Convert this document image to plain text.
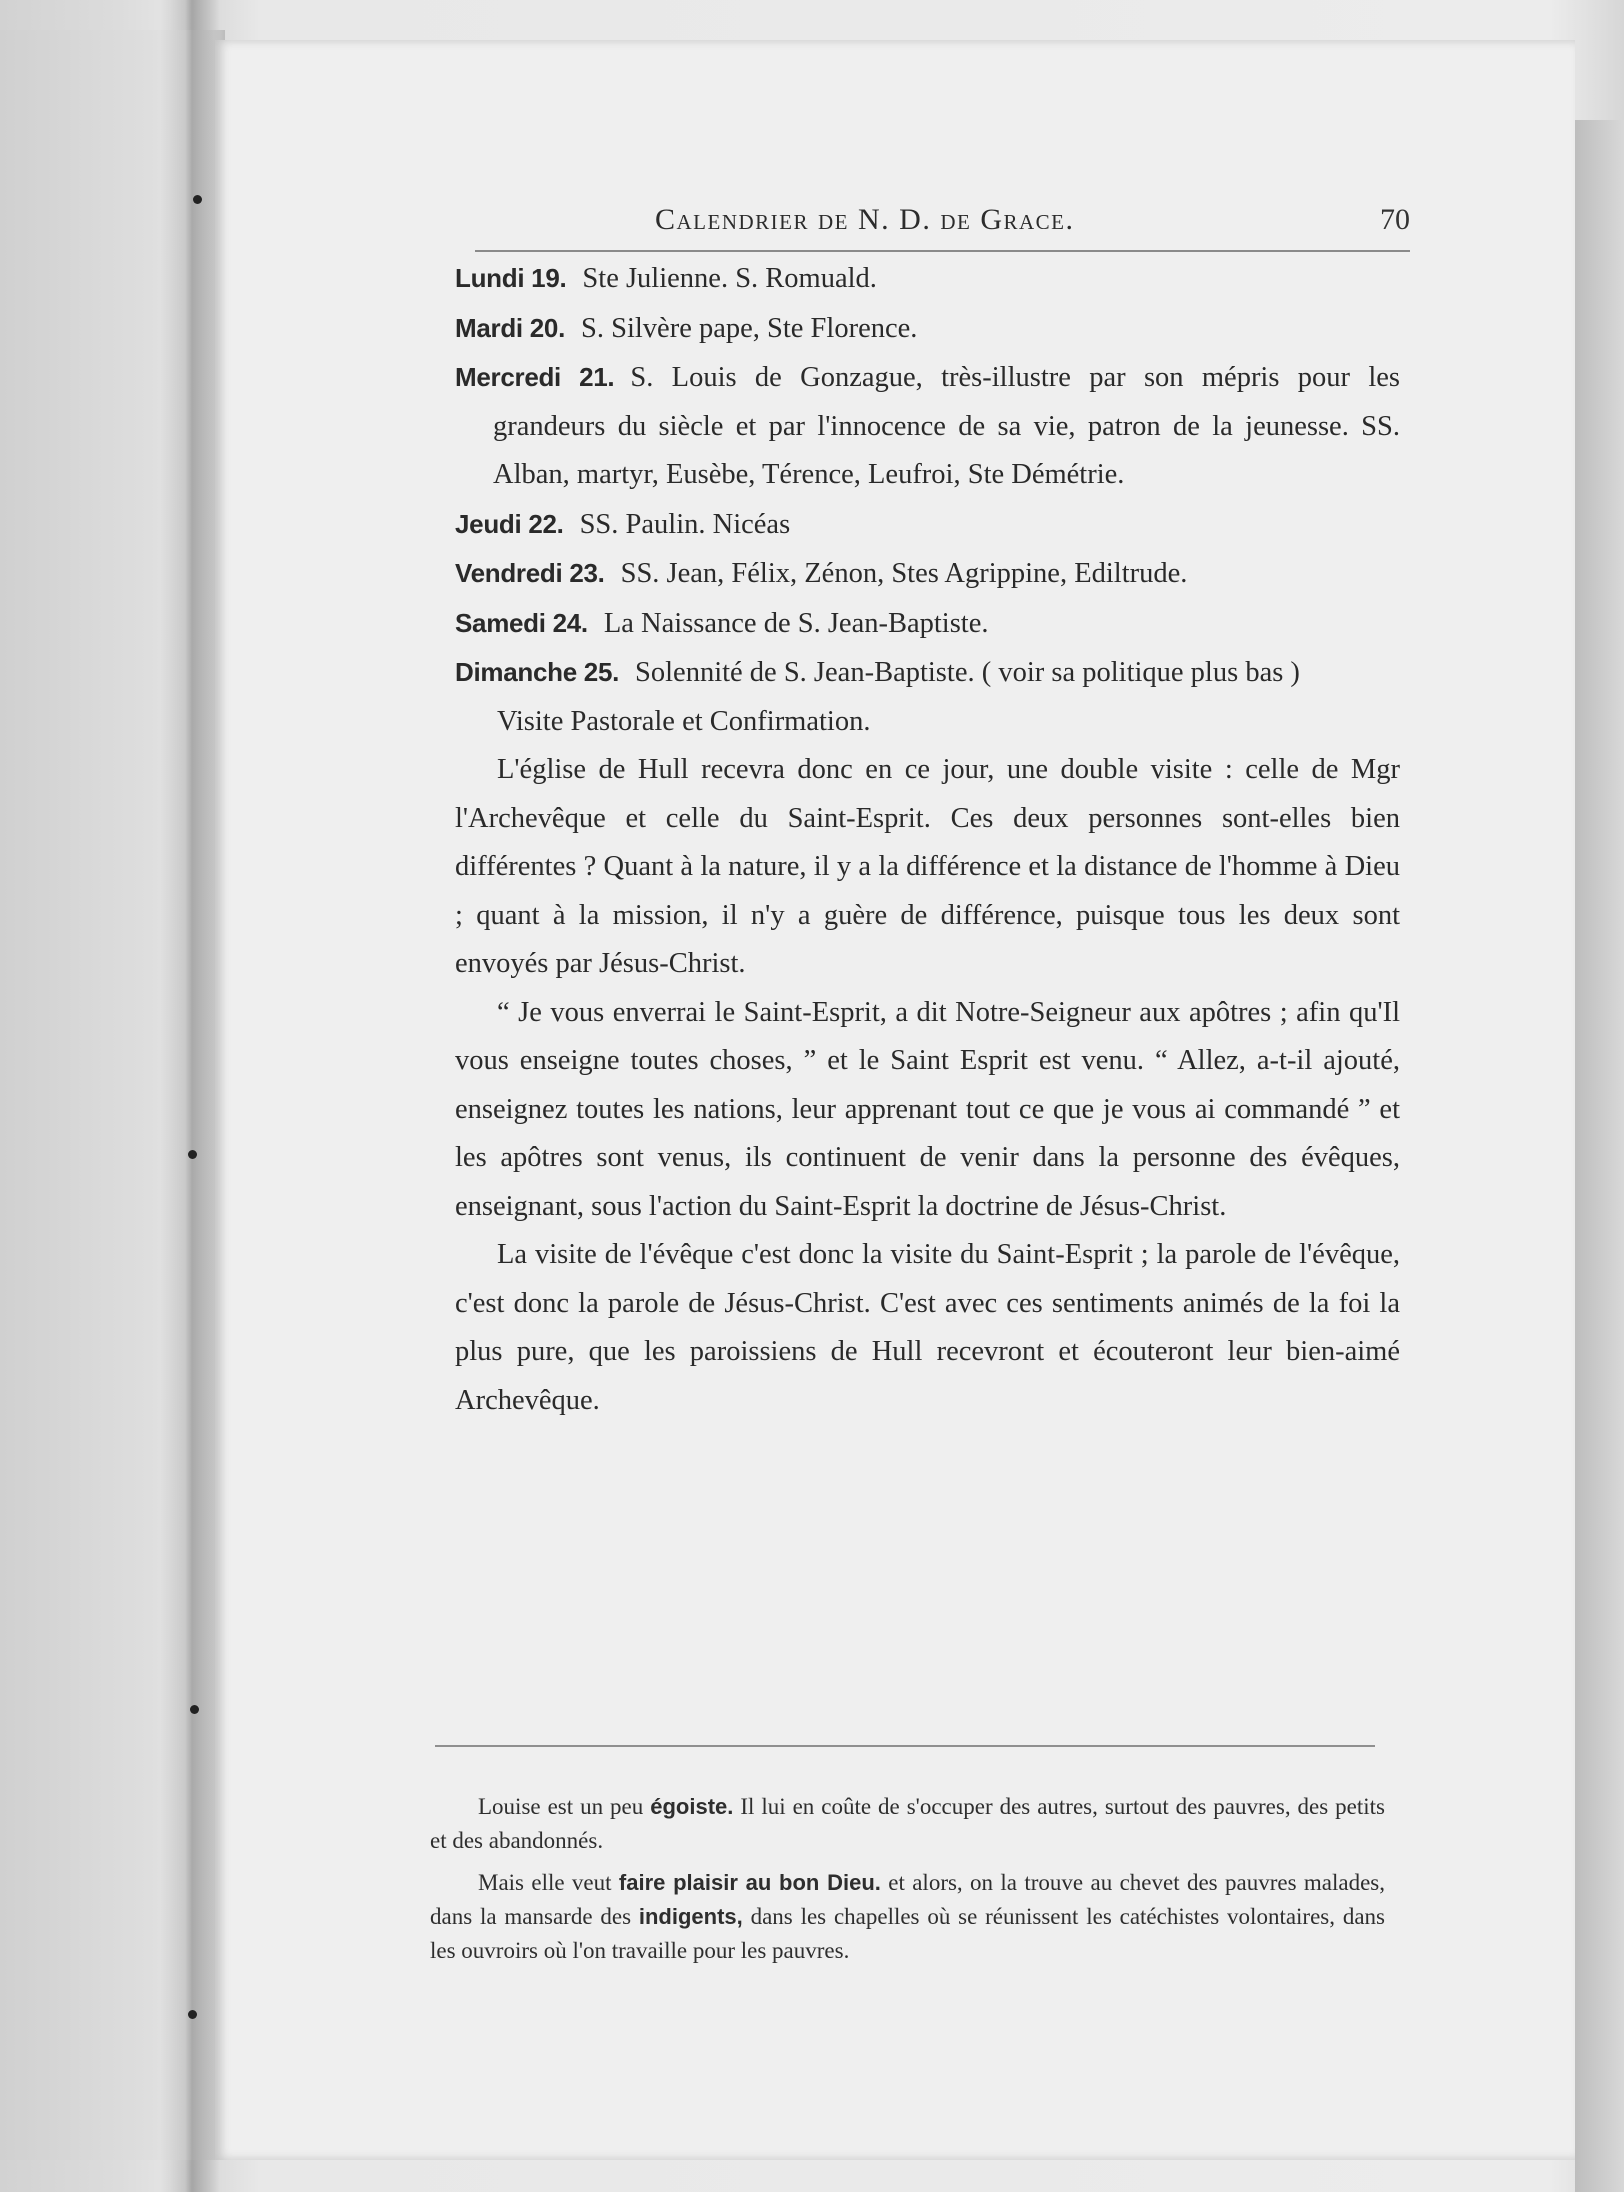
Calendrier de N. D. de Grace.	70

Lundi 19. Ste Julienne. S. Romuald.

Mardi 20. S. Silvère pape, Ste Florence.

Mercredi 21. S. Louis de Gonzague, très-illustre par son mépris pour les grandeurs du siècle et par l'innocence de sa vie, patron de la jeunesse. SS. Alban, martyr, Eusèbe, Térence, Leufroi, Ste Démétrie.

Jeudi 22. SS. Paulin. Nicéas

Vendredi 23. SS. Jean, Félix, Zénon, Stes Agrippine, Ediltrude.

Samedi 24. La Naissance de S. Jean-Baptiste.

Dimanche 25. Solennité de S. Jean-Baptiste. ( voir sa politique plus bas )

Visite Pastorale et Confirmation.

L'église de Hull recevra donc en ce jour, une double visite : celle de Mgr l'Archevêque et celle du Saint-Esprit. Ces deux personnes sont-elles bien différentes ? Quant à la nature, il y a la différence et la distance de l'homme à Dieu ; quant à la mission, il n'y a guère de différence, puisque tous les deux sont envoyés par Jésus-Christ.

“ Je vous enverrai le Saint-Esprit, a dit Notre-Seigneur aux apôtres ; afin qu'Il vous enseigne toutes choses, ” et le Saint Esprit est venu. “ Allez, a-t-il ajouté, enseignez toutes les nations, leur apprenant tout ce que je vous ai commandé ” et les apôtres sont venus, ils continuent de venir dans la personne des évêques, enseignant, sous l'action du Saint-Esprit la doctrine de Jésus-Christ.

La visite de l'évêque c'est donc la visite du Saint-Esprit ; la parole de l'évêque, c'est donc la parole de Jésus-Christ. C'est avec ces sentiments animés de la foi la plus pure, que les paroissiens de Hull recevront et écouteront leur bien-aimé Archevêque.

Louise est un peu égoiste. Il lui en coûte de s'occuper des autres, surtout des pauvres, des petits et des abandonnés.

Mais elle veut faire plaisir au bon Dieu. et alors, on la trouve au chevet des pauvres malades, dans la mansarde des indigents, dans les chapelles où se réunissent les catéchistes volontaires, dans les ouvroirs où l'on travaille pour les pauvres.
